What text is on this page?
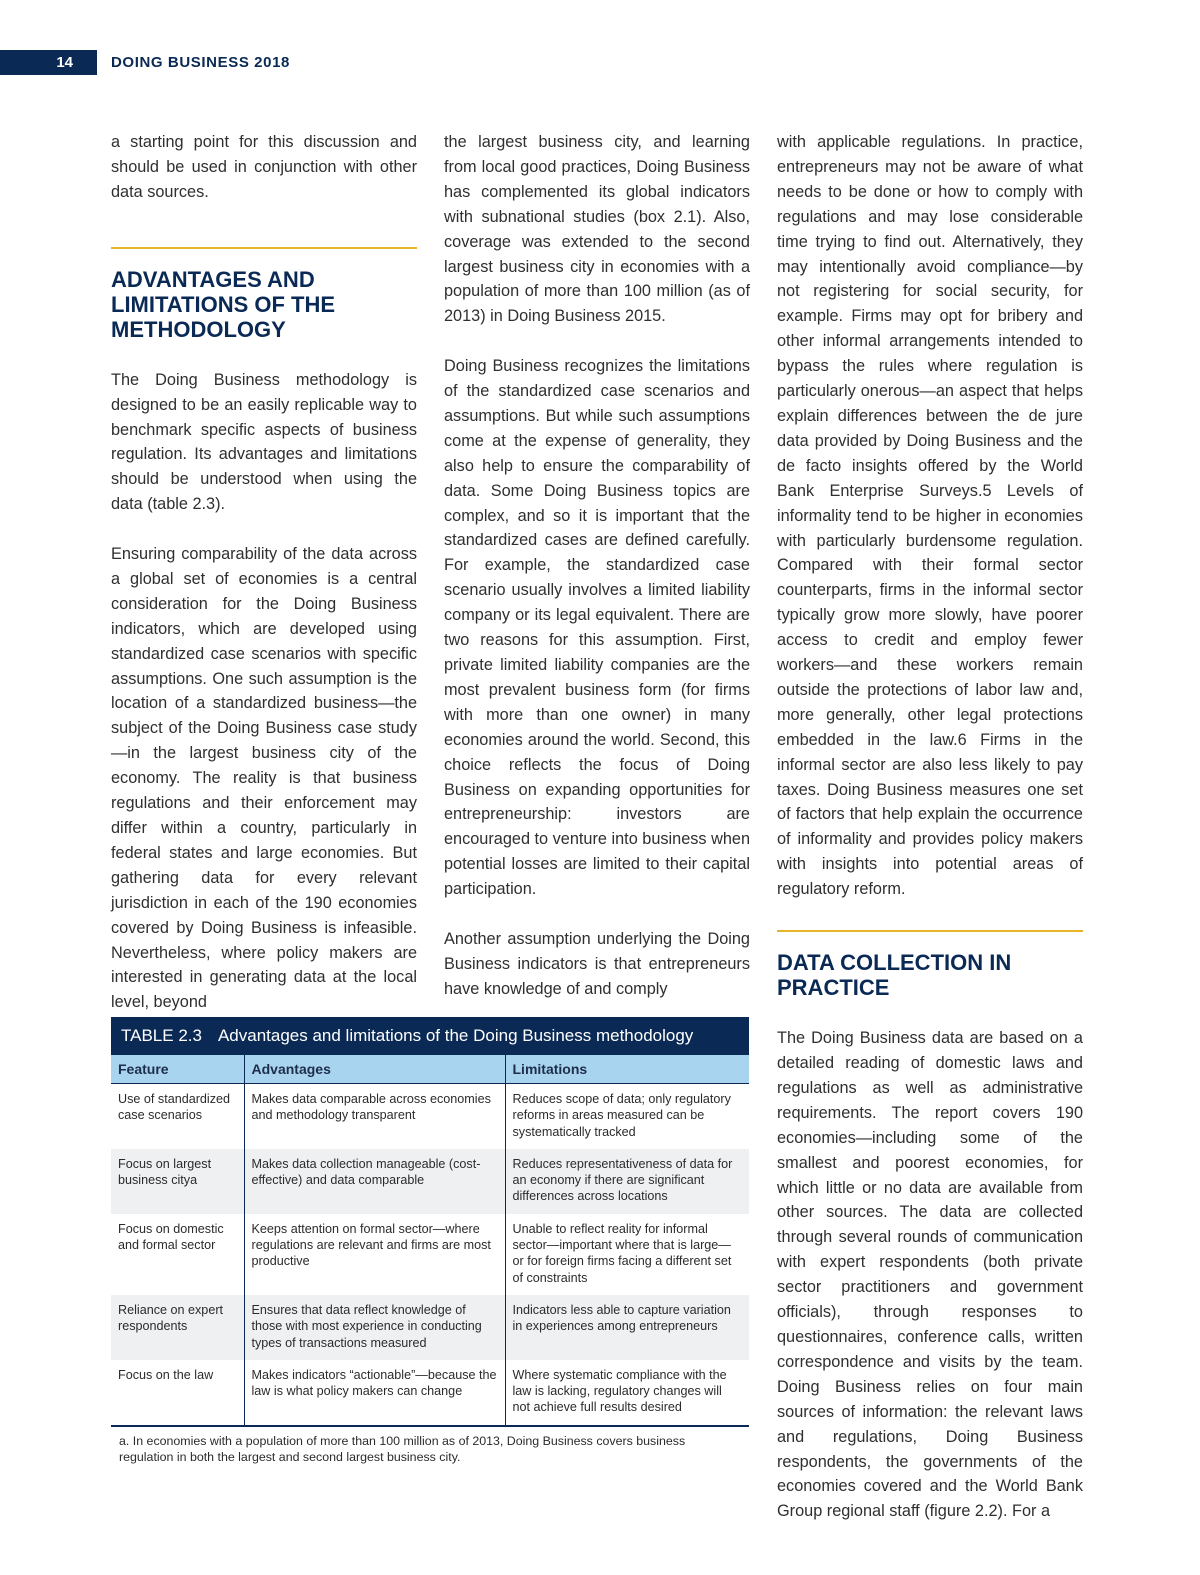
14	DOING BUSINESS 2018

a starting point for this discussion and should be used in conjunction with other data sources.

ADVANTAGES AND LIMITATIONS OF THE METHODOLOGY

The Doing Business methodology is designed to be an easily replicable way to benchmark specific aspects of business regulation. Its advantages and limitations should be understood when using the data (table 2.3).

Ensuring comparability of the data across a global set of economies is a central consideration for the Doing Business indicators, which are developed using standardized case scenarios with specific assumptions. One such assumption is the location of a standardized business—the subject of the Doing Business case study—in the largest business city of the economy. The reality is that business regulations and their enforcement may differ within a country, particularly in federal states and large economies. But gathering data for every relevant jurisdiction in each of the 190 economies covered by Doing Business is infeasible. Nevertheless, where policy makers are interested in generating data at the local level, beyond

the largest business city, and learning from local good practices, Doing Business has complemented its global indicators with subnational studies (box 2.1). Also, coverage was extended to the second largest business city in economies with a population of more than 100 million (as of 2013) in Doing Business 2015.

Doing Business recognizes the limitations of the standardized case scenarios and assumptions. But while such assumptions come at the expense of generality, they also help to ensure the comparability of data. Some Doing Business topics are complex, and so it is important that the standardized cases are defined carefully. For example, the standardized case scenario usually involves a limited liability company or its legal equivalent. There are two reasons for this assumption. First, private limited liability companies are the most prevalent business form (for firms with more than one owner) in many economies around the world. Second, this choice reflects the focus of Doing Business on expanding opportunities for entrepreneurship: investors are encouraged to venture into business when potential losses are limited to their capital participation.

Another assumption underlying the Doing Business indicators is that entrepreneurs have knowledge of and comply

with applicable regulations. In practice, entrepreneurs may not be aware of what needs to be done or how to comply with regulations and may lose considerable time trying to find out. Alternatively, they may intentionally avoid compliance—by not registering for social security, for example. Firms may opt for bribery and other informal arrangements intended to bypass the rules where regulation is particularly onerous—an aspect that helps explain differences between the de jure data provided by Doing Business and the de facto insights offered by the World Bank Enterprise Surveys.5 Levels of informality tend to be higher in economies with particularly burdensome regulation. Compared with their formal sector counterparts, firms in the informal sector typically grow more slowly, have poorer access to credit and employ fewer workers—and these workers remain outside the protections of labor law and, more generally, other legal protections embedded in the law.6 Firms in the informal sector are also less likely to pay taxes. Doing Business measures one set of factors that help explain the occurrence of informality and provides policy makers with insights into potential areas of regulatory reform.

DATA COLLECTION IN PRACTICE

The Doing Business data are based on a detailed reading of domestic laws and regulations as well as administrative requirements. The report covers 190 economies—including some of the smallest and poorest economies, for which little or no data are available from other sources. The data are collected through several rounds of communication with expert respondents (both private sector practitioners and government officials), through responses to questionnaires, conference calls, written correspondence and visits by the team. Doing Business relies on four main sources of information: the relevant laws and regulations, Doing Business respondents, the governments of the economies covered and the World Bank Group regional staff (figure 2.2). For a

TABLE 2.3 Advantages and limitations of the Doing Business methodology
Feature	Advantages	Limitations
Use of standardized case scenarios	Makes data comparable across economies and methodology transparent	Reduces scope of data; only regulatory reforms in areas measured can be systematically tracked
Focus on largest business citya	Makes data collection manageable (cost-effective) and data comparable	Reduces representativeness of data for an economy if there are significant differences across locations
Focus on domestic and formal sector	Keeps attention on formal sector—where regulations are relevant and firms are most productive	Unable to reflect reality for informal sector—important where that is large—or for foreign firms facing a different set of constraints
Reliance on expert respondents	Ensures that data reflect knowledge of those with most experience in conducting types of transactions measured	Indicators less able to capture variation in experiences among entrepreneurs
Focus on the law	Makes indicators “actionable”—because the law is what policy makers can change	Where systematic compliance with the law is lacking, regulatory changes will not achieve full results desired
a. In economies with a population of more than 100 million as of 2013, Doing Business covers business regulation in both the largest and second largest business city.
